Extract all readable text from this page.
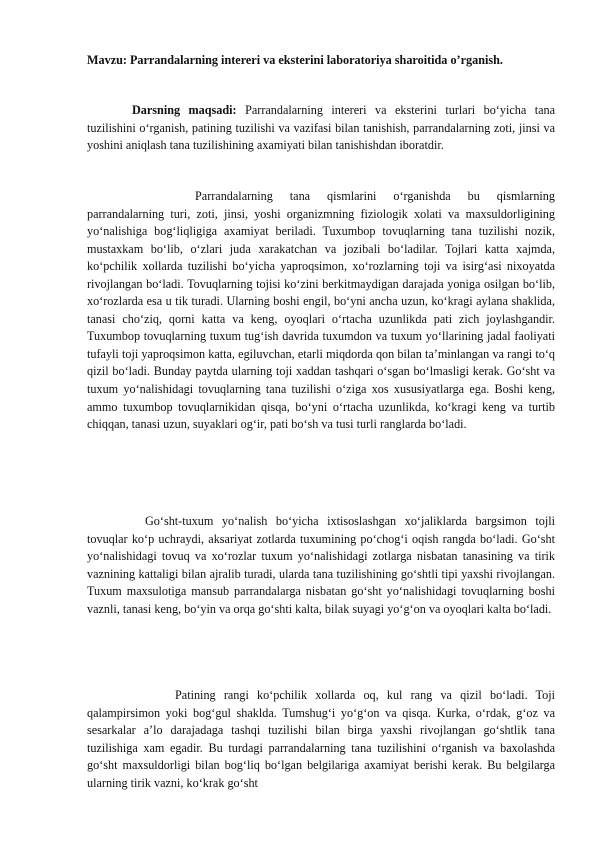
Mavzu: Parrandalarning intereri va eksterini laboratoriya sharoitida o’rganish.

Darsning maqsadi: Parrandalarning intereri va eksterini turlari bo‘yicha tana tuzilishini o‘rganish, patining tuzilishi va vazifasi bilan tanishish, parrandalarning zoti, jinsi va yoshini aniqlash tana tuzilishining axamiyati bilan tanishishdan iboratdir.

Parrandalarning tana qismlarini o‘rganishda bu qismlarning parrandalarning turi, zoti, jinsi, yoshi organizmning fiziologik xolati va maxsuldorligining yo‘nalishiga bog‘liqligiga axamiyat beriladi. Tuxumbop tovuqlarning tana tuzilishi nozik, mustaxkam bo‘lib, o‘zlari juda xarakatchan va jozibali bo‘ladilar. Tojlari katta xajmda, ko‘pchilik xollarda tuzilishi bo‘yicha yaproqsimon, xo‘rozlarning toji va isirg‘asi nixoyatda rivojlangan bo‘ladi. Tovuqlarning tojisi ko‘zini berkitmaydigan darajada yoniga osilgan bo‘lib, xo‘rozlarda esa u tik turadi. Ularning boshi engil, bo‘yni ancha uzun, ko‘kragi aylana shaklida, tanasi cho‘ziq, qorni katta va keng, oyoqlari o‘rtacha uzunlikda pati zich joylashgandir. Tuxumbop tovuqlarning tuxum tug‘ish davrida tuxumdon va tuxum yo‘llarining jadal faoliyati tufayli toji yaproqsimon katta, egiluvchan, etarli miqdorda qon bilan ta’minlangan va rangi to‘q qizil bo‘ladi. Bunday paytda ularning toji xaddan tashqari o‘sgan bo‘lmasligi kerak. Go‘sht va tuxum yo‘nalishidagi tovuqlarning tana tuzilishi o‘ziga xos xususiyatlarga ega. Boshi keng, ammo tuxumbop tovuqlarnikidan qisqa, bo‘yni o‘rtacha uzunlikda, ko‘kragi keng va turtib chiqqan, tanasi uzun, suyaklari og‘ir, pati bo‘sh va tusi turli ranglarda bo‘ladi.

Go‘sht-tuxum yo‘nalish bo‘yicha ixtisoslashgan xo‘jaliklarda bargsimon tojli tovuqlar ko‘p uchraydi, aksariyat zotlarda tuxumining po‘chog‘i oqish rangda bo‘ladi. Go‘sht yo‘nalishidagi tovuq va xo‘rozlar tuxum yo‘nalishidagi zotlarga nisbatan tanasining va tirik vaznining kattaligi bilan ajralib turadi, ularda tana tuzilishining go‘shtli tipi yaxshi rivojlangan. Tuxum maxsulotiga mansub parrandalarga nisbatan go‘sht yo‘nalishidagi tovuqlarning boshi vaznli, tanasi keng, bo‘yin va orqa go‘shti kalta, bilak suyagi yo‘g‘on va oyoqlari kalta bo‘ladi.

Patining rangi ko‘pchilik xollarda oq, kul rang va qizil bo‘ladi. Toji qalampirsimon yoki bog‘gul shaklda. Tumshug‘i yo‘g‘on va qisqa. Kurka, o‘rdak, g‘oz va sesarkalar a’lo darajadaga tashqi tuzilishi bilan birga yaxshi rivojlangan go‘shtlik tana tuzilishiga xam egadir. Bu turdagi parrandalarning tana tuzilishini o‘rganish va baxolashda go‘sht maxsuldorligi bilan bog‘liq bo‘lgan belgilariga axamiyat berishi kerak. Bu belgilarga ularning tirik vazni, ko‘krak go‘sht
